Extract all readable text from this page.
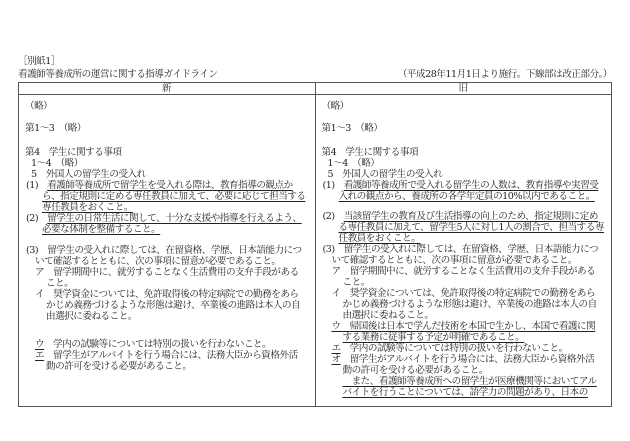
［別紙1］
看護師等養成所の運営に関する指導ガイドライン	（平成28年11月1日より施行。下線部は改正部分。）
新	旧
（略）
第1～3　（略）
第4　学生に関する事項
1～4　（略）
5　外国人の留学生の受入れ
(1)　看護師等養成所で留学生を受入れる際は、教育指導の観点か
ら、指定規則に定める専任教員に加えて、必要に応じて担当する
専任教員をおくこと。
(2)　留学生の日常生活に関して、十分な支援や指導を行えるよう、
必要な体制を整備すること。
(3)　留学生の受入れに際しては、在留資格、学歴、日本語能力につ
いて確認するとともに、次の事項に留意が必要であること。
ア　留学期間中に、就労することなく生活費用の支弁手段がある
こと。
イ　奨学資金については、免許取得後の特定病院での勤務をあら
かじめ義務づけるような形態は避け、卒業後の進路は本人の自
由選択に委ねること。
ウ　学内の試験等については特別の扱いを行わないこと。
エ　留学生がアルバイトを行う場合には、法務大臣から資格外活
動の許可を受ける必要があること。
（略）
第1～3　（略）
第4　学生に関する事項
1～4　（略）
5　外国人の留学生の受入れ
(1)　看護師等養成所で受入れる留学生の人数は、教育指導や実習受
入れの観点から、養成所の各学年定員の10%以内であること。
(2)　当該留学生の教育及び生活指導の向上のため、指定規則に定め
る専任教員に加えて、留学生5人に対し1人の割合で、担当する専
任教員をおくこと。
(3)　留学生の受入れに際しては、在留資格、学歴、日本語能力につ
いて確認するとともに、次の事項に留意が必要であること。
ア　留学期間中に、就労することなく生活費用の支弁手段がある
こと。
イ　奨学資金については、免許取得後の特定病院での勤務をあら
かじめ義務づけるような形態は避け、卒業後の進路は本人の自
由選択に委ねること。
ウ　帰国後は日本で学んだ技術を本国で生かし、本国で看護に関
する業務に従事する予定が明確であること。
エ　学内の試験等については特別の扱いを行わないこと。
オ　留学生がアルバイトを行う場合には、法務大臣から資格外活
動の許可を受ける必要があること。
　また、看護師等養成所への留学生が医療機関等においてアル
バイトを行うことについては、語学力の問題があり、日本の
